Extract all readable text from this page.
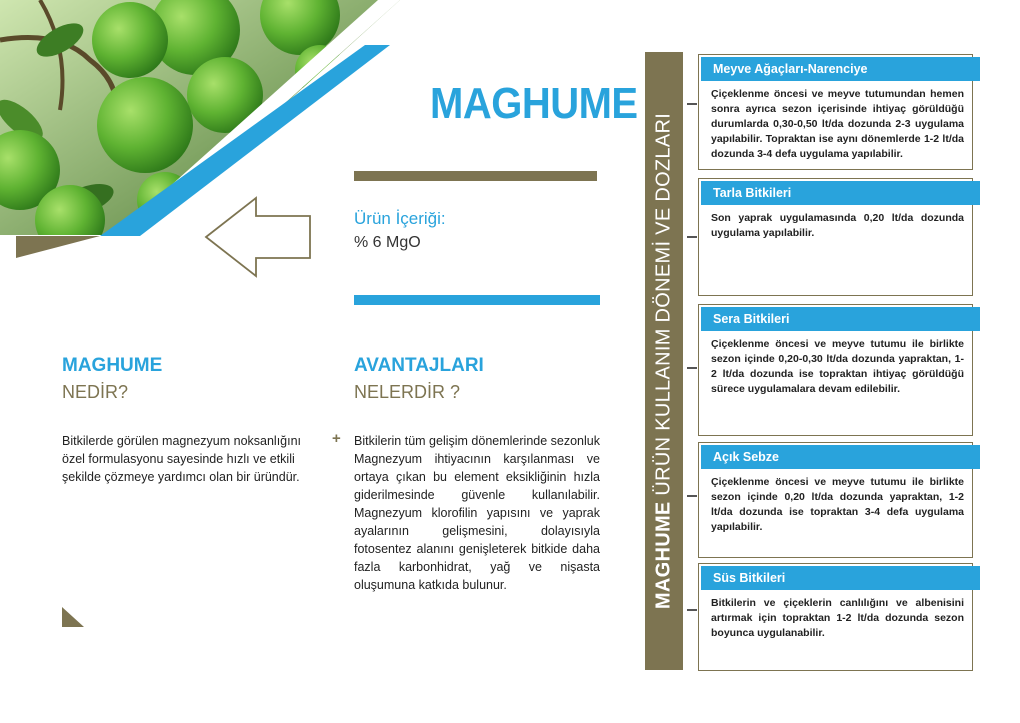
MAGHUME
Ürün İçeriği:
% 6 MgO
MAGHUME
NEDİR?
Bitkilerde görülen magnezyum noksanlığını özel formulasyonu sayesinde hızlı ve etkili şekilde çözmeye yardımcı olan bir üründür.
AVANTAJLARI
NELERDİR ?
+ Bitkilerin tüm gelişim dönemlerinde sezonluk Magnezyum ihtiyacının karşılanması ve ortaya çıkan bu element eksikliğinin hızla giderilmesinde güvenle kullanılabilir. Magnezyum klorofilin yapısını ve yaprak ayalarının gelişmesini, dolayısıyla fotosentez alanını genişleterek bitkide daha fazla karbonhidrat, yağ ve nişasta oluşumuna katkıda bulunur.	MAGHUME ÜRÜN KULLANIM DÖNEMİ VE DOZLARI
Meyve Ağaçları-Narenciye
Çiçeklenme öncesi ve meyve tutumundan hemen sonra ayrıca sezon içerisinde ihtiyaç görüldüğü durumlarda 0,30-0,50 lt/da dozunda 2-3 uygulama yapılabilir. Topraktan ise aynı dönemlerde 1-2 lt/da dozunda 3-4 defa uygulama yapılabilir.
Tarla Bitkileri
Son yaprak uygulamasında 0,20 lt/da dozunda uygulama yapılabilir.
Sera Bitkileri
Çiçeklenme öncesi ve meyve tutumu ile birlikte sezon içinde 0,20-0,30 lt/da dozunda yapraktan, 1-2 lt/da dozunda ise topraktan ihtiyaç görüldüğü sürece uygulamalara devam edilebilir.
Açık Sebze
Çiçeklenme öncesi ve meyve tutumu ile birlikte sezon içinde 0,20 lt/da dozunda yapraktan, 1-2 lt/da dozunda ise topraktan 3-4 defa uygulama yapılabilir.
Süs Bitkileri
Bitkilerin ve çiçeklerin canlılığını ve albenisini artırmak için topraktan 1-2 lt/da dozunda sezon boyunca uygulanabilir.
